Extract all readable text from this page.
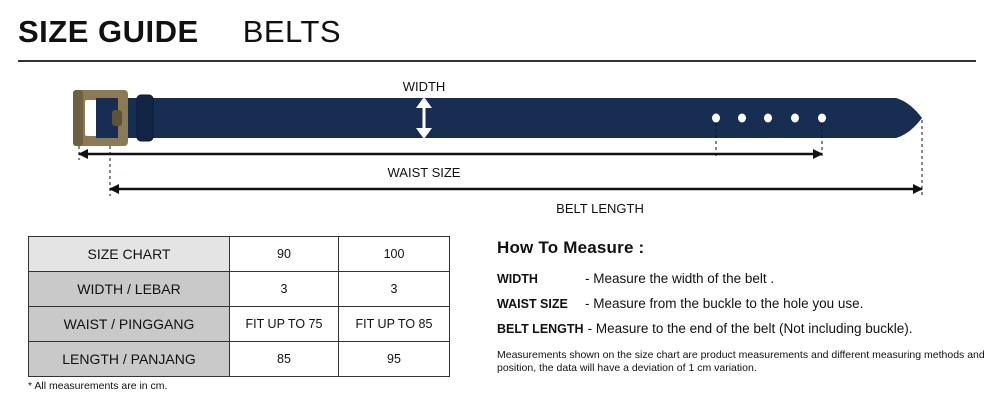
SIZE GUIDE BELTS
WIDTH
WAIST SIZE
BELT LENGTH
SIZE CHART	90	100
WIDTH / LEBAR	3	3
WAIST / PINGGANG	FIT UP TO 75	FIT UP TO 85
LENGTH / PANJANG	85	95
* All measurements are in cm.
How To Measure :
WIDTH	- Measure the width of the belt .
WAIST SIZE	- Measure from the buckle to the hole you use.
BELT LENGTH - Measure to the end of the belt (Not including buckle).
Measurements shown on the size chart are product measurements and different measuring methods and position, the data will have a deviation of 1 cm variation.
